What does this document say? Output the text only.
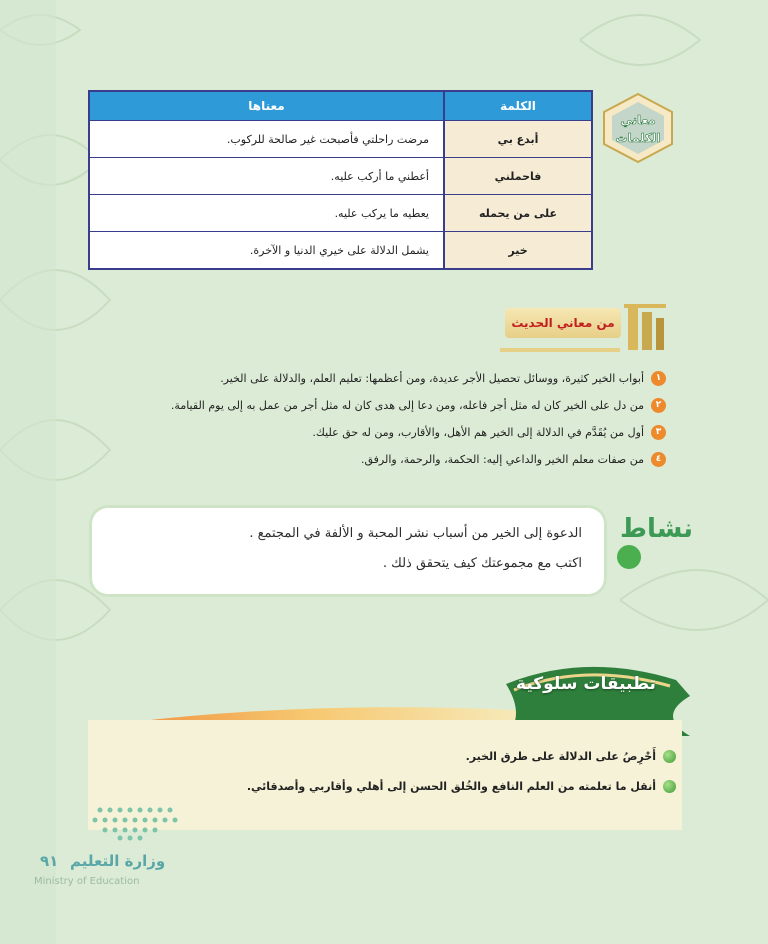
معاني
الكلمات
الكلمة	معناها
أبدع بي	مرضت راحلتي فأصبحت غير صالحة للركوب.
فاحملني	أعطني ما أركب عليه.
على من يحمله	يعطيه ما يركب عليه.
خير	يشمل الدلالة على خيري الدنيا و الآخرة.
من معاني الحديث
١
أبواب الخير كثيرة، ووسائل تحصيل الأجر عديدة، ومن أعظمها: تعليم العلم، والدلالة على الخير.
٢
من دل على الخير كان له مثل أجر فاعله، ومن دعا إلى هدى كان له مثل أجر من عمل به إلى يوم القيامة.
٣
أول من يُقَدَّم في الدلالة إلى الخير هم الأهل، والأقارب، ومن له حق عليك.
٤
من صفات معلم الخير والداعي إليه: الحكمة، والرحمة، والرفق.
الدعوة إلى الخير من أسباب نشر المحبة و الألفة في المجتمع .
اكتب مع مجموعتك كيف يتحقق ذلك .
نشاط
تطبيقات سلوكية
أَحْرِصُ على الدلالة على طرق الخير.
أنقل ما تعلمته من العلم النافع والخُلق الحسن إلى أهلي وأقاربي وأصدقائي.
٩١ وزارة التعليم
Ministry of Education
